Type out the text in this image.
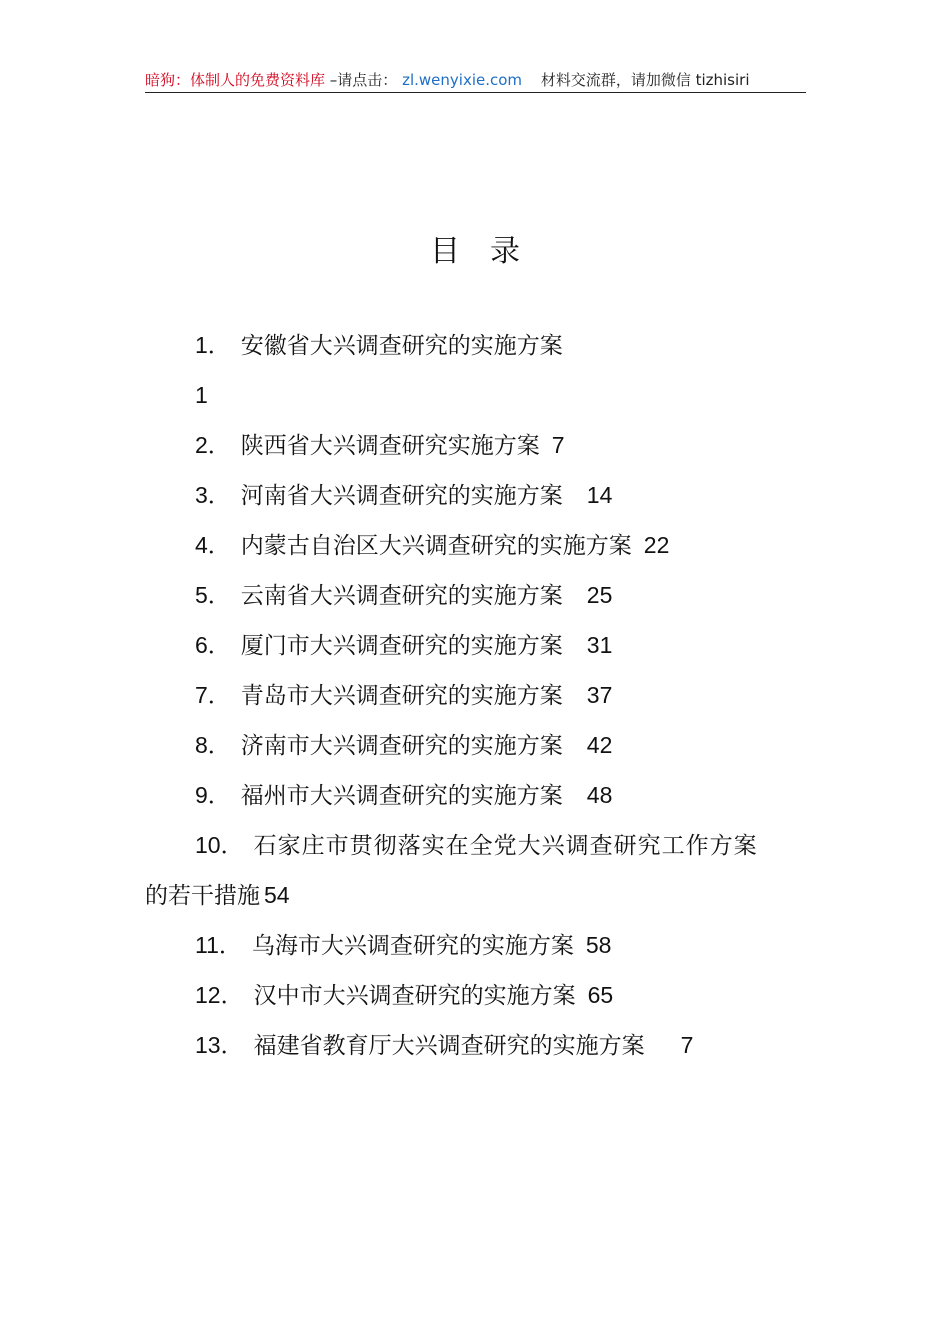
暗狗：体制人的免费资料库 –请点击： zl.wenyixie.com 材料交流群，请加微信 tizhisiri
目录
1． 安徽省大兴调查研究的实施方案
1
2． 陕西省大兴调查研究实施方案 7
3． 河南省大兴调查研究的实施方案 14
4． 内蒙古自治区大兴调查研究的实施方案 22
5． 云南省大兴调查研究的实施方案 25
6． 厦门市大兴调查研究的实施方案 31
7． 青岛市大兴调查研究的实施方案 37
8． 济南市大兴调查研究的实施方案 42
9． 福州市大兴调查研究的实施方案 48
10． 石家庄市贯彻落实在全党大兴调查研究工作方案
的若干措施 54
11． 乌海市大兴调查研究的实施方案 58
12． 汉中市大兴调查研究的实施方案 65
13． 福建省教育厅大兴调查研究的实施方案 7
